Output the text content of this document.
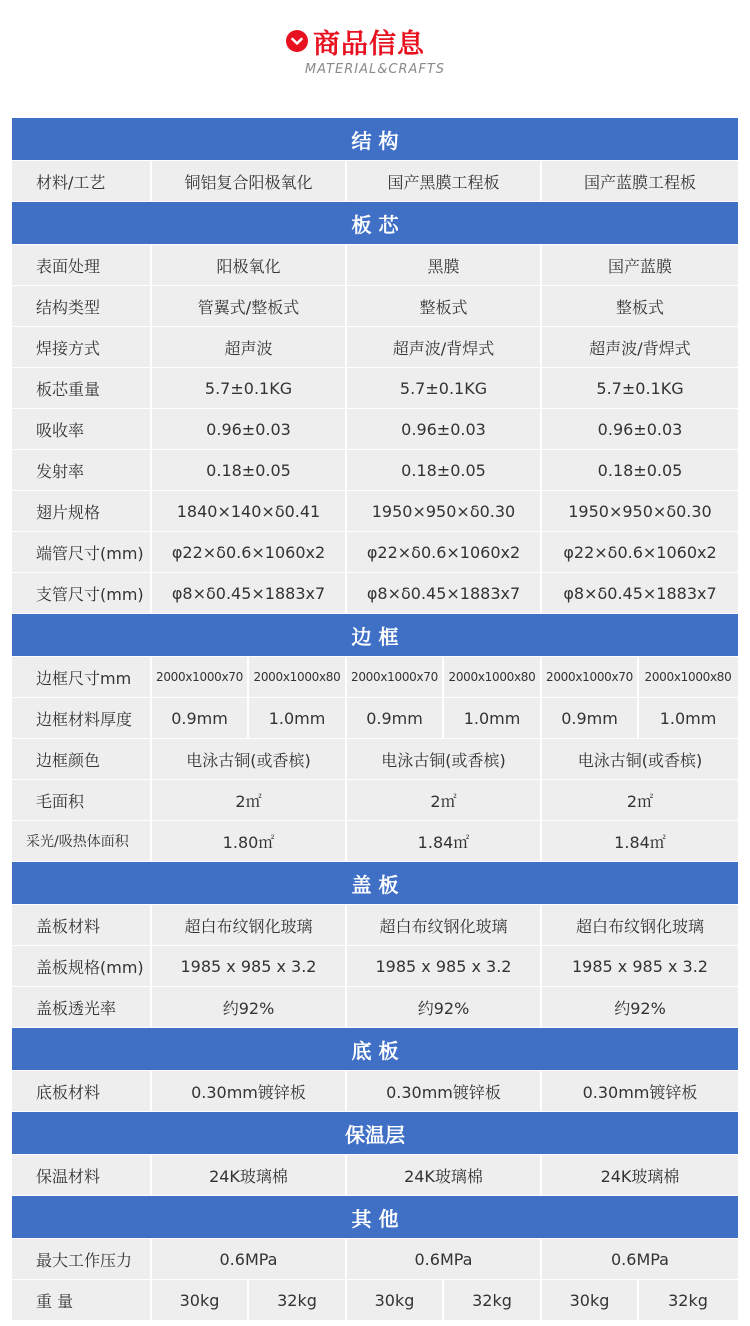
商品信息
MATERIAL&CRAFTS
结 构
材料/工艺	铜铝复合阳极氧化	国产黑膜工程板	国产蓝膜工程板
板 芯
表面处理	阳极氧化	黑膜	国产蓝膜
结构类型	管翼式/整板式	整板式	整板式
焊接方式	超声波	超声波/背焊式	超声波/背焊式
板芯重量	5.7±0.1KG	5.7±0.1KG	5.7±0.1KG
吸收率	0.96±0.03	0.96±0.03	0.96±0.03
发射率	0.18±0.05	0.18±0.05	0.18±0.05
翅片规格	1840×140×δ0.41	1950×950×δ0.30	1950×950×δ0.30
端管尺寸(mm)	φ22×δ0.6×1060x2	φ22×δ0.6×1060x2	φ22×δ0.6×1060x2
支管尺寸(mm)	φ8×δ0.45×1883x7	φ8×δ0.45×1883x7	φ8×δ0.45×1883x7
边 框
边框尺寸mm	2000x1000x70 2000x1000x80 2000x1000x70 2000x1000x80 2000x1000x70 2000x1000x80
边框材料厚度	0.9mm	1.0mm	0.9mm	1.0mm	0.9mm	1.0mm
边框颜色	电泳古铜(或香槟)	电泳古铜(或香槟)	电泳古铜(或香槟)
毛面积	2㎡	2㎡	2㎡
采光/吸热体面积	1.80㎡	1.84㎡	1.84㎡
盖 板
盖板材料	超白布纹钢化玻璃	超白布纹钢化玻璃	超白布纹钢化玻璃
盖板规格(mm)	1985 x 985 x 3.2	1985 x 985 x 3.2	1985 x 985 x 3.2
盖板透光率	约92%	约92%	约92%
底 板
底板材料	0.30mm镀锌板	0.30mm镀锌板	0.30mm镀锌板
保温层
保温材料	24K玻璃棉	24K玻璃棉	24K玻璃棉
其 他
最大工作压力	0.6MPa	0.6MPa	0.6MPa
重 量	30kg	32kg	30kg	32kg	30kg	32kg
